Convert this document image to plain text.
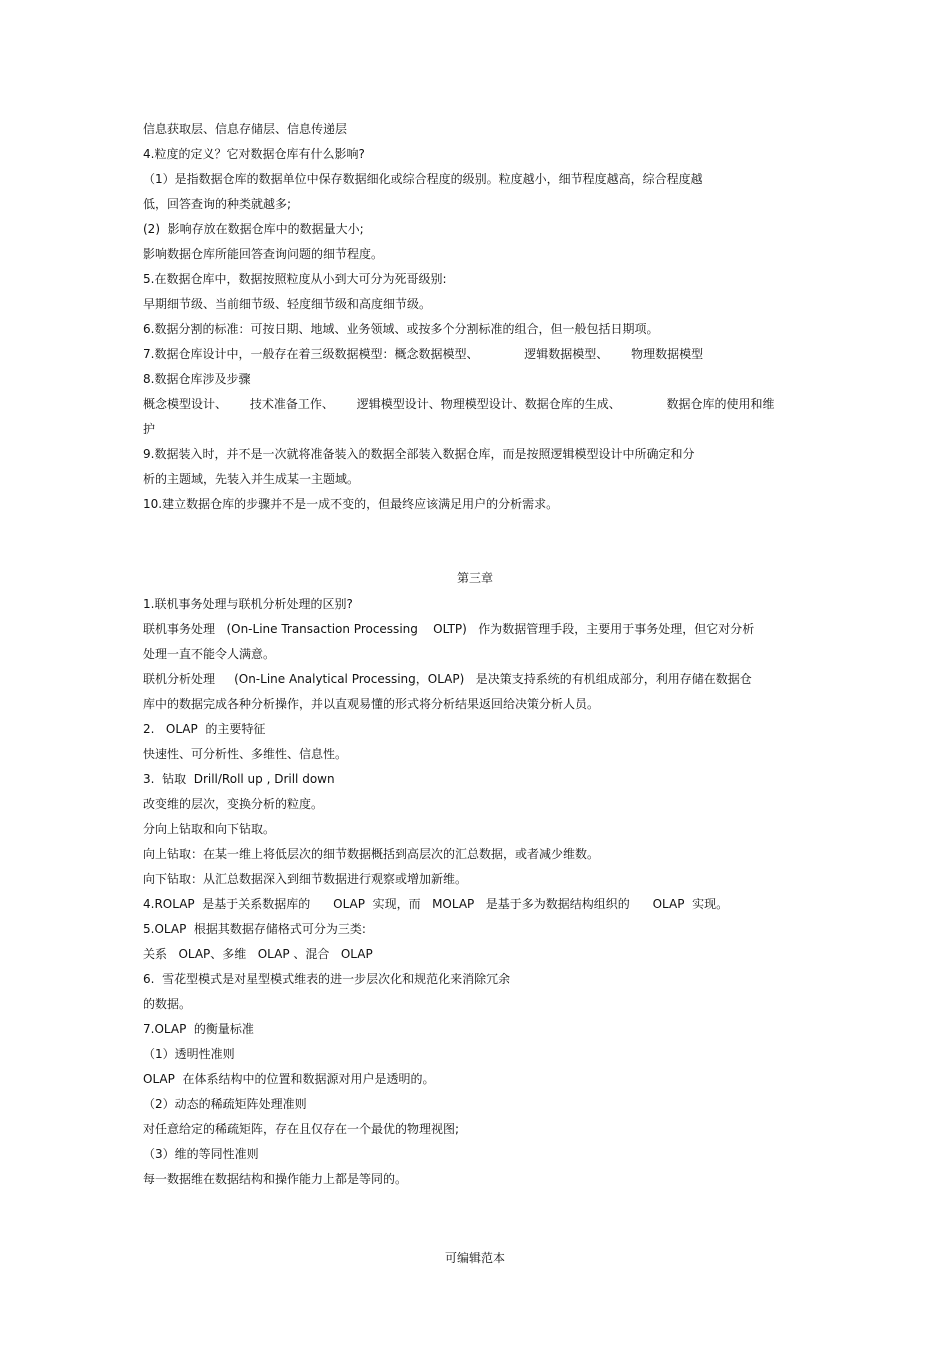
信息获取层、信息存储层、信息传递层

4.粒度的定义？它对数据仓库有什么影响?

（1）是指数据仓库的数据单位中保存数据细化或综合程度的级别。粒度越小，细节程度越高，综合程度越

低，回答查询的种类就越多;

(2)  影响存放在数据仓库中的数据量大小;

影响数据仓库所能回答查询问题的细节程度。

5.在数据仓库中，数据按照粒度从小到大可分为死哥级别:

早期细节级、当前细节级、轻度细节级和高度细节级。

6.数据分割的标准：可按日期、地域、业务领域、或按多个分割标准的组合，但一般包括日期项。

7.数据仓库设计中，一般存在着三级数据模型：概念数据模型、            逻辑数据模型、      物理数据模型

8.数据仓库涉及步骤

概念模型设计、      技术准备工作、      逻辑模型设计、物理模型设计、数据仓库的生成、            数据仓库的使用和维

护

9.数据装入时，并不是一次就将准备装入的数据全部装入数据仓库，而是按照逻辑模型设计中所确定和分

析的主题域，先装入并生成某一主题域。

10.建立数据仓库的步骤并不是一成不变的，但最终应该满足用户的分析需求。

第三章

1.联机事务处理与联机分析处理的区别?

联机事务处理   (On-Line Transaction Processing    OLTP)   作为数据管理手段，主要用于事务处理，但它对分析

处理一直不能令人满意。

联机分析处理     (On-Line Analytical Processing，OLAP)   是决策支持系统的有机组成部分，利用存储在数据仓

库中的数据完成各种分析操作，并以直观易懂的形式将分析结果返回给决策分析人员。

2.   OLAP  的主要特征

快速性、可分析性、多维性、信息性。

3.  钻取  Drill/Roll up , Drill down

改变维的层次，变换分析的粒度。

分向上钻取和向下钻取。

向上钻取：在某一维上将低层次的细节数据概括到高层次的汇总数据，或者减少维数。

向下钻取：从汇总数据深入到细节数据进行观察或增加新维。

4.ROLAP  是基于关系数据库的      OLAP  实现，而   MOLAP   是基于多为数据结构组织的      OLAP  实现。

5.OLAP  根据其数据存储格式可分为三类:

关系   OLAP、多维   OLAP 、混合   OLAP

6.  雪花型模式是对星型模式维表的进一步层次化和规范化来消除冗余

的数据。

7.OLAP  的衡量标准

（1）透明性准则

OLAP  在体系结构中的位置和数据源对用户是透明的。

（2）动态的稀疏矩阵处理准则

对任意给定的稀疏矩阵，存在且仅存在一个最优的物理视图;

（3）维的等同性准则

每一数据维在数据结构和操作能力上都是等同的。

可编辑范本
